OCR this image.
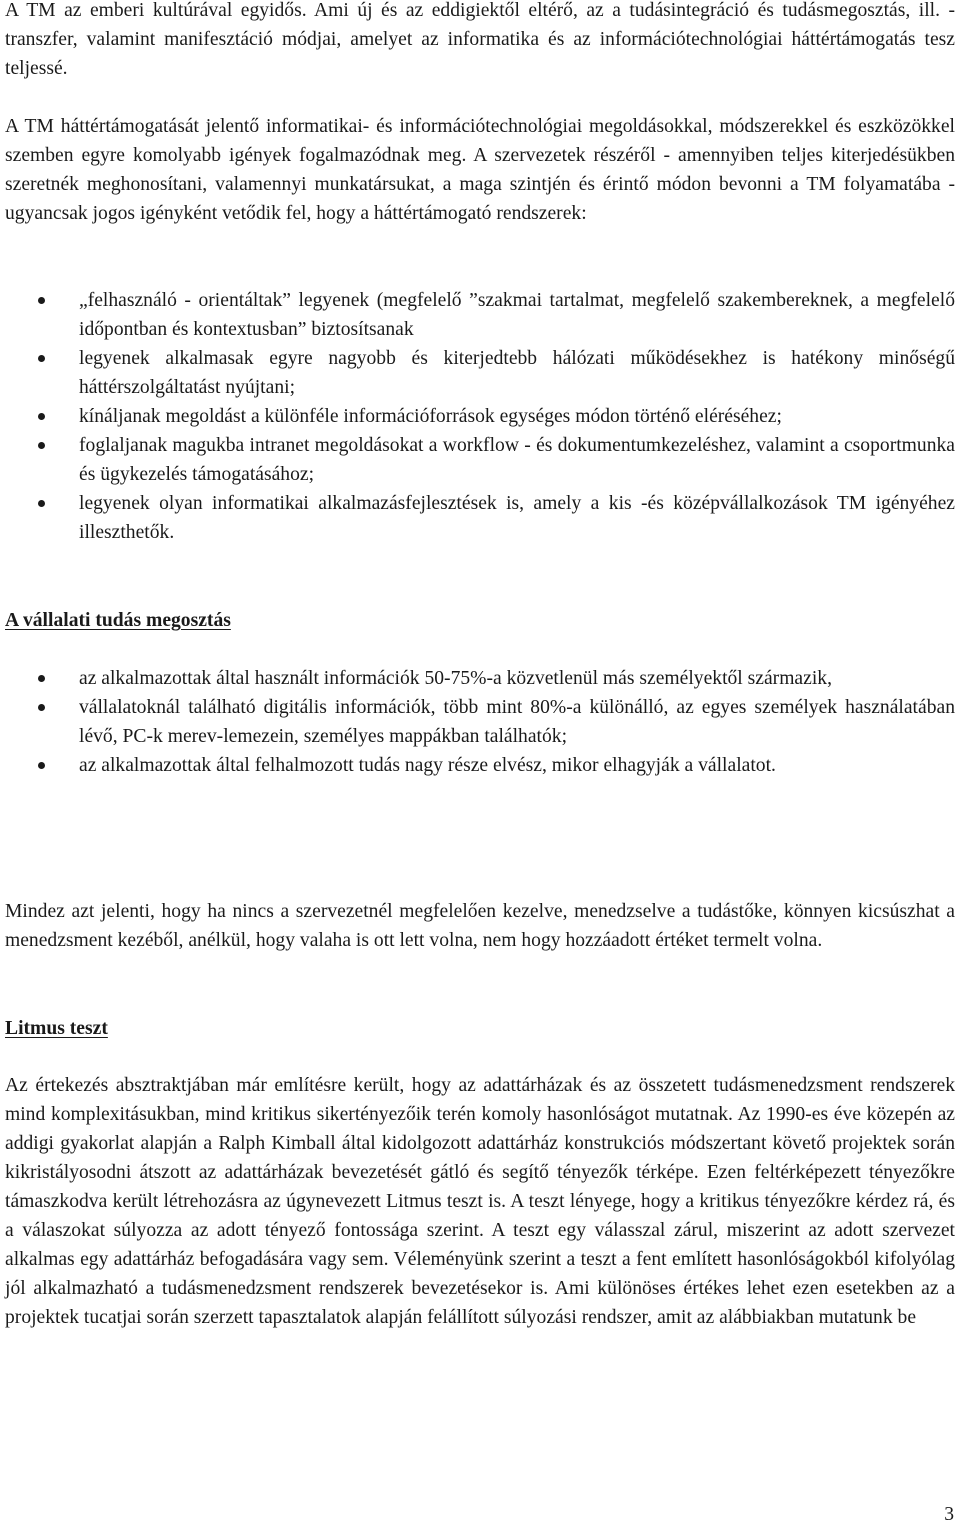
A TM az emberi kultúrával egyidős. Ami új és az eddigiektől eltérő, az a tudásintegráció és tudásmegosztás, ill. - transzfer, valamint manifesztáció módjai, amelyet az informatika és az információtechnológiai háttértámogatás tesz teljessé.

A TM háttértámogatását jelentő informatikai- és információtechnológiai megoldásokkal, módszerekkel és eszközökkel szemben egyre komolyabb igények fogalmazódnak meg. A szervezetek részéről - amennyiben teljes kiterjedésükben szeretnék meghonosítani, valamennyi munkatársukat, a maga szintjén és érintő módon bevonni a TM folyamatába - ugyancsak jogos igényként vetődik fel, hogy a háttértámogató rendszerek:

„felhasználó - orientáltak” legyenek (megfelelő ”szakmai tartalmat, megfelelő szakembereknek, a megfelelő időpontban és kontextusban” biztosítsanak
legyenek alkalmasak egyre nagyobb és kiterjedtebb hálózati működésekhez is hatékony minőségű háttérszolgáltatást nyújtani;
kínáljanak megoldást a különféle információforrások egységes módon történő eléréséhez;
foglaljanak magukba intranet megoldásokat a workflow - és dokumentumkezeléshez, valamint a csoportmunka és ügykezelés támogatásához;
legyenek olyan informatikai alkalmazásfejlesztések is, amely a kis -és középvállalkozások TM igényéhez illeszthetők.
A vállalati tudás megosztás
az alkalmazottak által használt információk 50-75%-a közvetlenül más személyektől származik,
vállalatoknál található digitális információk, több mint 80%-a különálló, az egyes személyek használatában lévő, PC-k merev-lemezein, személyes mappákban találhatók;
az alkalmazottak által felhalmozott tudás nagy része elvész, mikor elhagyják a vállalatot.

Mindez azt jelenti, hogy ha nincs a szervezetnél megfelelően kezelve, menedzselve a tudástőke, könnyen kicsúszhat a menedzsment kezéből, anélkül, hogy valaha is ott lett volna, nem hogy hozzáadott értéket termelt volna.

Litmus teszt

Az értekezés absztraktjában már említésre került, hogy az adattárházak és az összetett tudásmenedzsment rendszerek mind komplexitásukban, mind kritikus sikertényezőik terén komoly hasonlóságot mutatnak. Az 1990-es éve közepén az addigi gyakorlat alapján a Ralph Kimball által kidolgozott adattárház konstrukciós módszertant követő projektek során kikristályosodni átszott az adattárházak bevezetését gátló és segítő tényezők térképe. Ezen feltérképezett tényezőkre támaszkodva került létrehozásra az úgynevezett Litmus teszt is. A teszt lényege, hogy a kritikus tényezőkre kérdez rá, és a válaszokat súlyozza az adott tényező fontossága szerint. A teszt egy válasszal zárul, miszerint az adott szervezet alkalmas egy adattárház befogadására vagy sem. Véleményünk szerint a teszt a fent említett hasonlóságokból kifolyólag jól alkalmazható a tudásmenedzsment rendszerek bevezetésekor is. Ami különöses értékes lehet ezen esetekben az a projektek tucatjai során szerzett tapasztalatok alapján felállított súlyozási rendszer, amit az alábbiakban mutatunk be

3
